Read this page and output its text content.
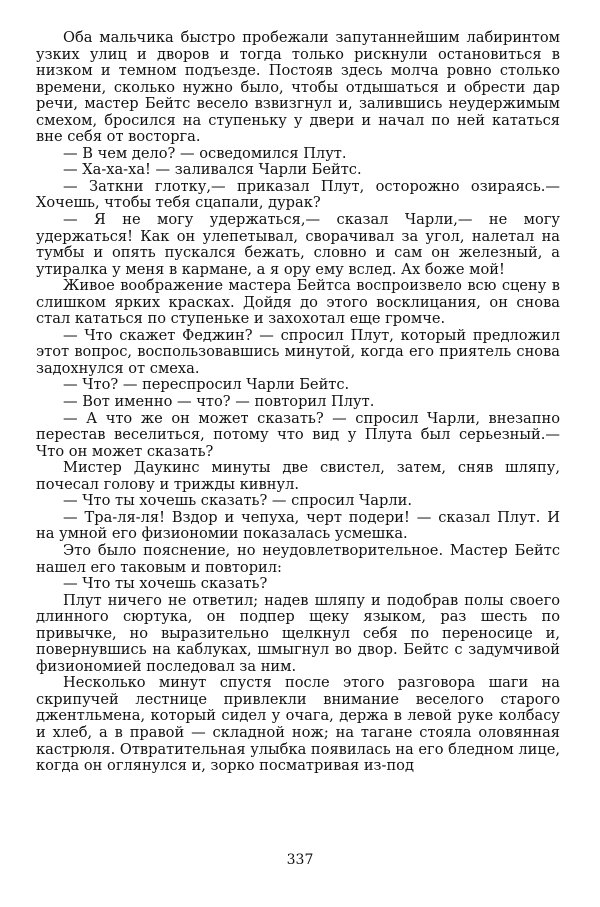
Оба мальчика быстро пробежали запутаннейшим лабиринтом узких улиц и дворов и тогда только рискнули остановиться в низком и темном подъезде. Постояв здесь молча ровно столько времени, сколько нужно было, чтобы отдышаться и обрести дар речи, мастер Бейтс весело взвизгнул и, залившись неудержимым смехом, бросился на ступеньку у двери и начал по ней кататься вне себя от восторга.

— В чем дело? — осведомился Плут.

— Ха-ха-ха! — заливался Чарли Бейтс.

— Заткни глотку,— приказал Плут, осторожно озираясь.— Хочешь, чтобы тебя сцапали, дурак?

— Я не могу удержаться,— сказал Чарли,— не могу удержаться! Как он улепетывал, сворачивал за угол, налетал на тумбы и опять пускался бежать, словно и сам он железный, а утиралка у меня в кармане, а я ору ему вслед. Ах боже мой!

Живое воображение мастера Бейтса воспроизвело всю сцену в слишком ярких красках. Дойдя до этого восклицания, он снова стал кататься по ступенькe и захохотал еще громче.

— Что скажет Феджин? — спросил Плут, который предложил этот вопрос, воспользовавшись минутой, когда его приятель снова задохнулся от смеха.

— Что? — переспросил Чарли Бейтс.

— Вот именно — что? — повторил Плут.

— А что же он может сказать? — спросил Чарли, внезапно перестав веселиться, потому что вид у Плута был серьезный.— Что он может сказать?

Мистер Даукинс минуты две свистел, затем, сняв шляпу, почесал голову и трижды кивнул.

— Что ты хочешь сказать? — спросил Чарли.

— Тра-ля-ля! Вздор и чепуха, черт подери! — сказал Плут. И на умной его физиономии показалась усмешка.

Это было пояснение, но неудовлетворительное. Мастер Бейтс нашел его таковым и повторил:

— Что ты хочешь сказать?

Плут ничего не ответил; надев шляпу и подобрав полы своего длинного сюртука, он подпер щеку языком, раз шесть по привычке, но выразительно щелкнул себя по переносице и, повернувшись на каблуках, шмыгнул во двор. Бейтс с задумчивой физиономией последовал за ним.

Несколько минут спустя после этого разговора шаги на скрипучей лестнице привлекли внимание веселого старого джентльмена, который сидел у очага, держа в левой руке колбасу и хлеб, а в правой — складной нож; на тагане стояла оловянная кастрюля. Отвратительная улыбка появилась на его бледном лице, когда он оглянулся и, зорко посматривая из-под

337
